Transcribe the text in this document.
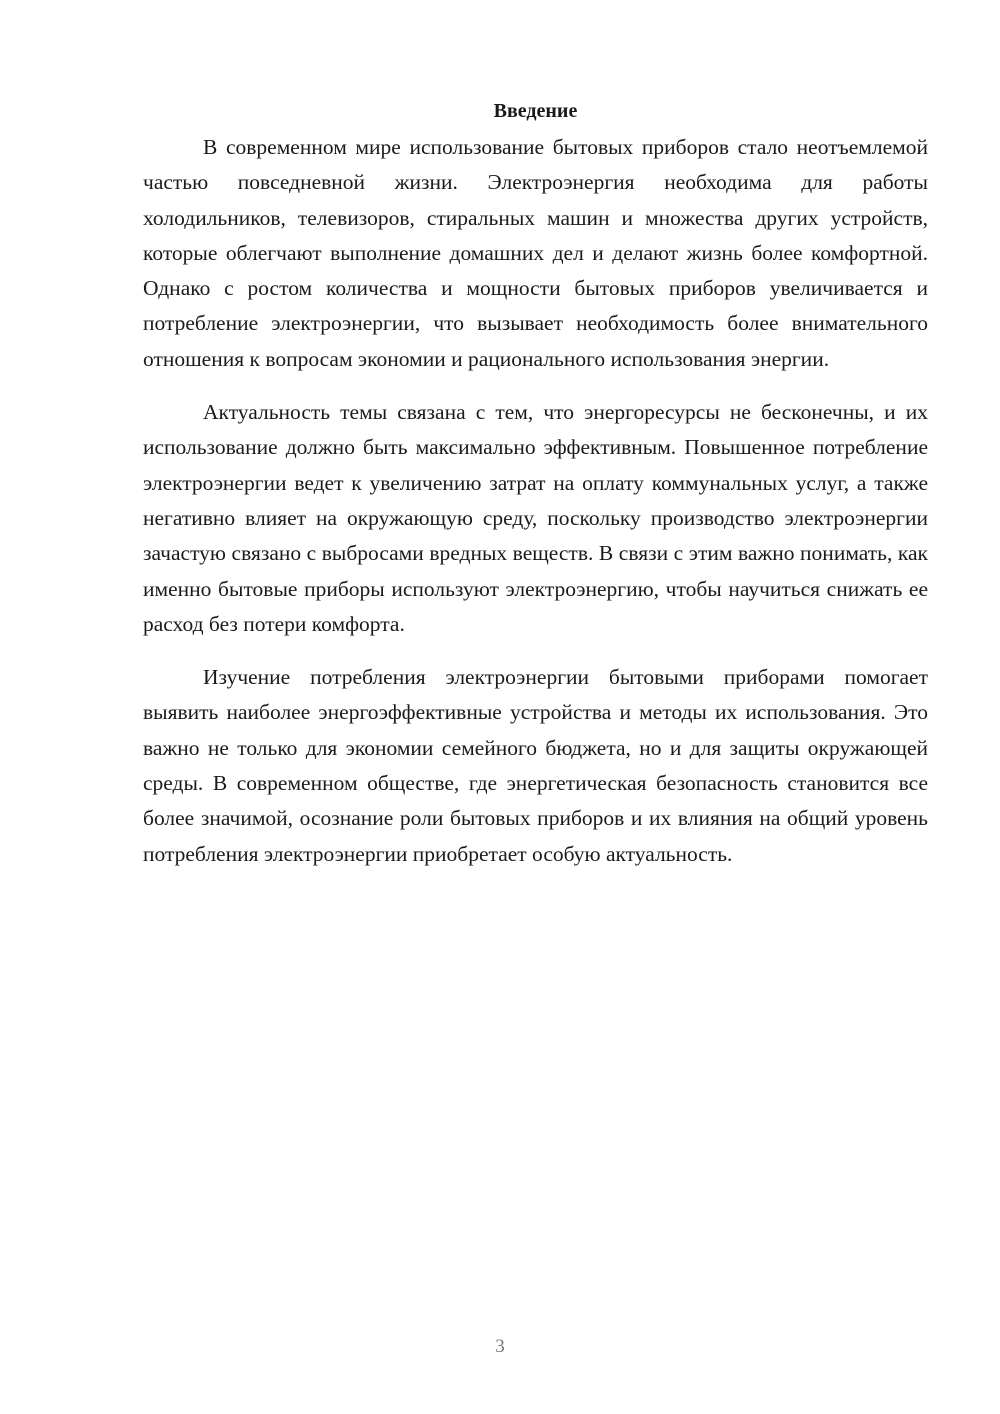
Введение

В современном мире использование бытовых приборов стало неотъемлемой частью повседневной жизни. Электроэнергия необходима для работы холодильников, телевизоров, стиральных машин и множества других устройств, которые облегчают выполнение домашних дел и делают жизнь более комфортной. Однако с ростом количества и мощности бытовых приборов увеличивается и потребление электроэнергии, что вызывает необходимость более внимательного отношения к вопросам экономии и рационального использования энергии.

Актуальность темы связана с тем, что энергоресурсы не бесконечны, и их использование должно быть максимально эффективным. Повышенное потребление электроэнергии ведет к увеличению затрат на оплату коммунальных услуг, а также негативно влияет на окружающую среду, поскольку производство электроэнергии зачастую связано с выбросами вредных веществ. В связи с этим важно понимать, как именно бытовые приборы используют электроэнергию, чтобы научиться снижать ее расход без потери комфорта.

Изучение потребления электроэнергии бытовыми приборами помогает выявить наиболее энергоэффективные устройства и методы их использования. Это важно не только для экономии семейного бюджета, но и для защиты окружающей среды. В современном обществе, где энергетическая безопасность становится все более значимой, осознание роли бытовых приборов и их влияния на общий уровень потребления электроэнергии приобретает особую актуальность.

3
